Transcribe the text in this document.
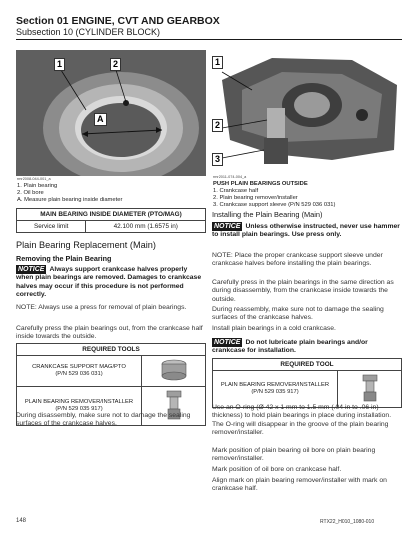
Section 01 ENGINE, CVT AND GEARBOX
Subsection 10 (CYLINDER BLOCK)
1	2
A
rmr2008-044-001_a
1. Plain bearing
2. Oil bore
A. Measure plain bearing inside diameter
1
2
3
rmr2011-074-004_a
PUSH PLAIN BEARINGS OUTSIDE
1. Crankcase half
2. Plain bearing remover/installer
3. Crankcase support sleeve (P/N 529 036 031)
MAIN BEARING INSIDE DIAMETER (PTO/MAG)
Service limit	42.100 mm (1.6575 in)
Plain Bearing Replacement (Main)
Removing the Plain Bearing
NOTICE Always support crankcase halves properly when plain bearings are removed. Damages to crankcase halves may occur if this procedure is not performed correctly.
NOTE: Always use a press for removal of plain bearings.
Carefully press the plain bearings out, from the crankcase half inside towards the outside.
REQUIRED TOOLS	

CRANKCASE SUPPORT MAG/PTO
(P/N 529 036 031)

PLAIN BEARING REMOVER/INSTALLER
(P/N 529 035 917)

During disassembly, make sure not to damage the sealing surfaces of the crankcase halves.
Installing the Plain Bearing (Main)
NOTICE Unless otherwise instructed, never use hammer to install plain bearings. Use press only.
NOTE: Place the proper crankcase support sleeve under crankcase halves before installing the plain bearings.
Carefully press in the plain bearings in the same direction as during disassembly, from the crankcase inside towards the outside.
During reassembly, make sure not to damage the sealing surfaces of the crankcase halves.
Install plain bearings in a cold crankcase.
NOTICE Do not lubricate plain bearings and/or crankcase for installation.
REQUIRED TOOL

PLAIN BEARING REMOVER/INSTALLER
(P/N 529 035 917)

Use an O-ring (Ø 42 x 1 mm to 1.5 mm (.04 in to .06 in) thickness) to hold plain bearings in place during installation. The O-ring will disappear in the groove of the plain bearing remover/installer.
Mark position of plain bearing oil bore on plain bearing remover/installer.
Mark position of oil bore on crankcase half.
Align mark on plain bearing remover/installer with mark on crankcase half.
148	RTX22_H010_1080-010
